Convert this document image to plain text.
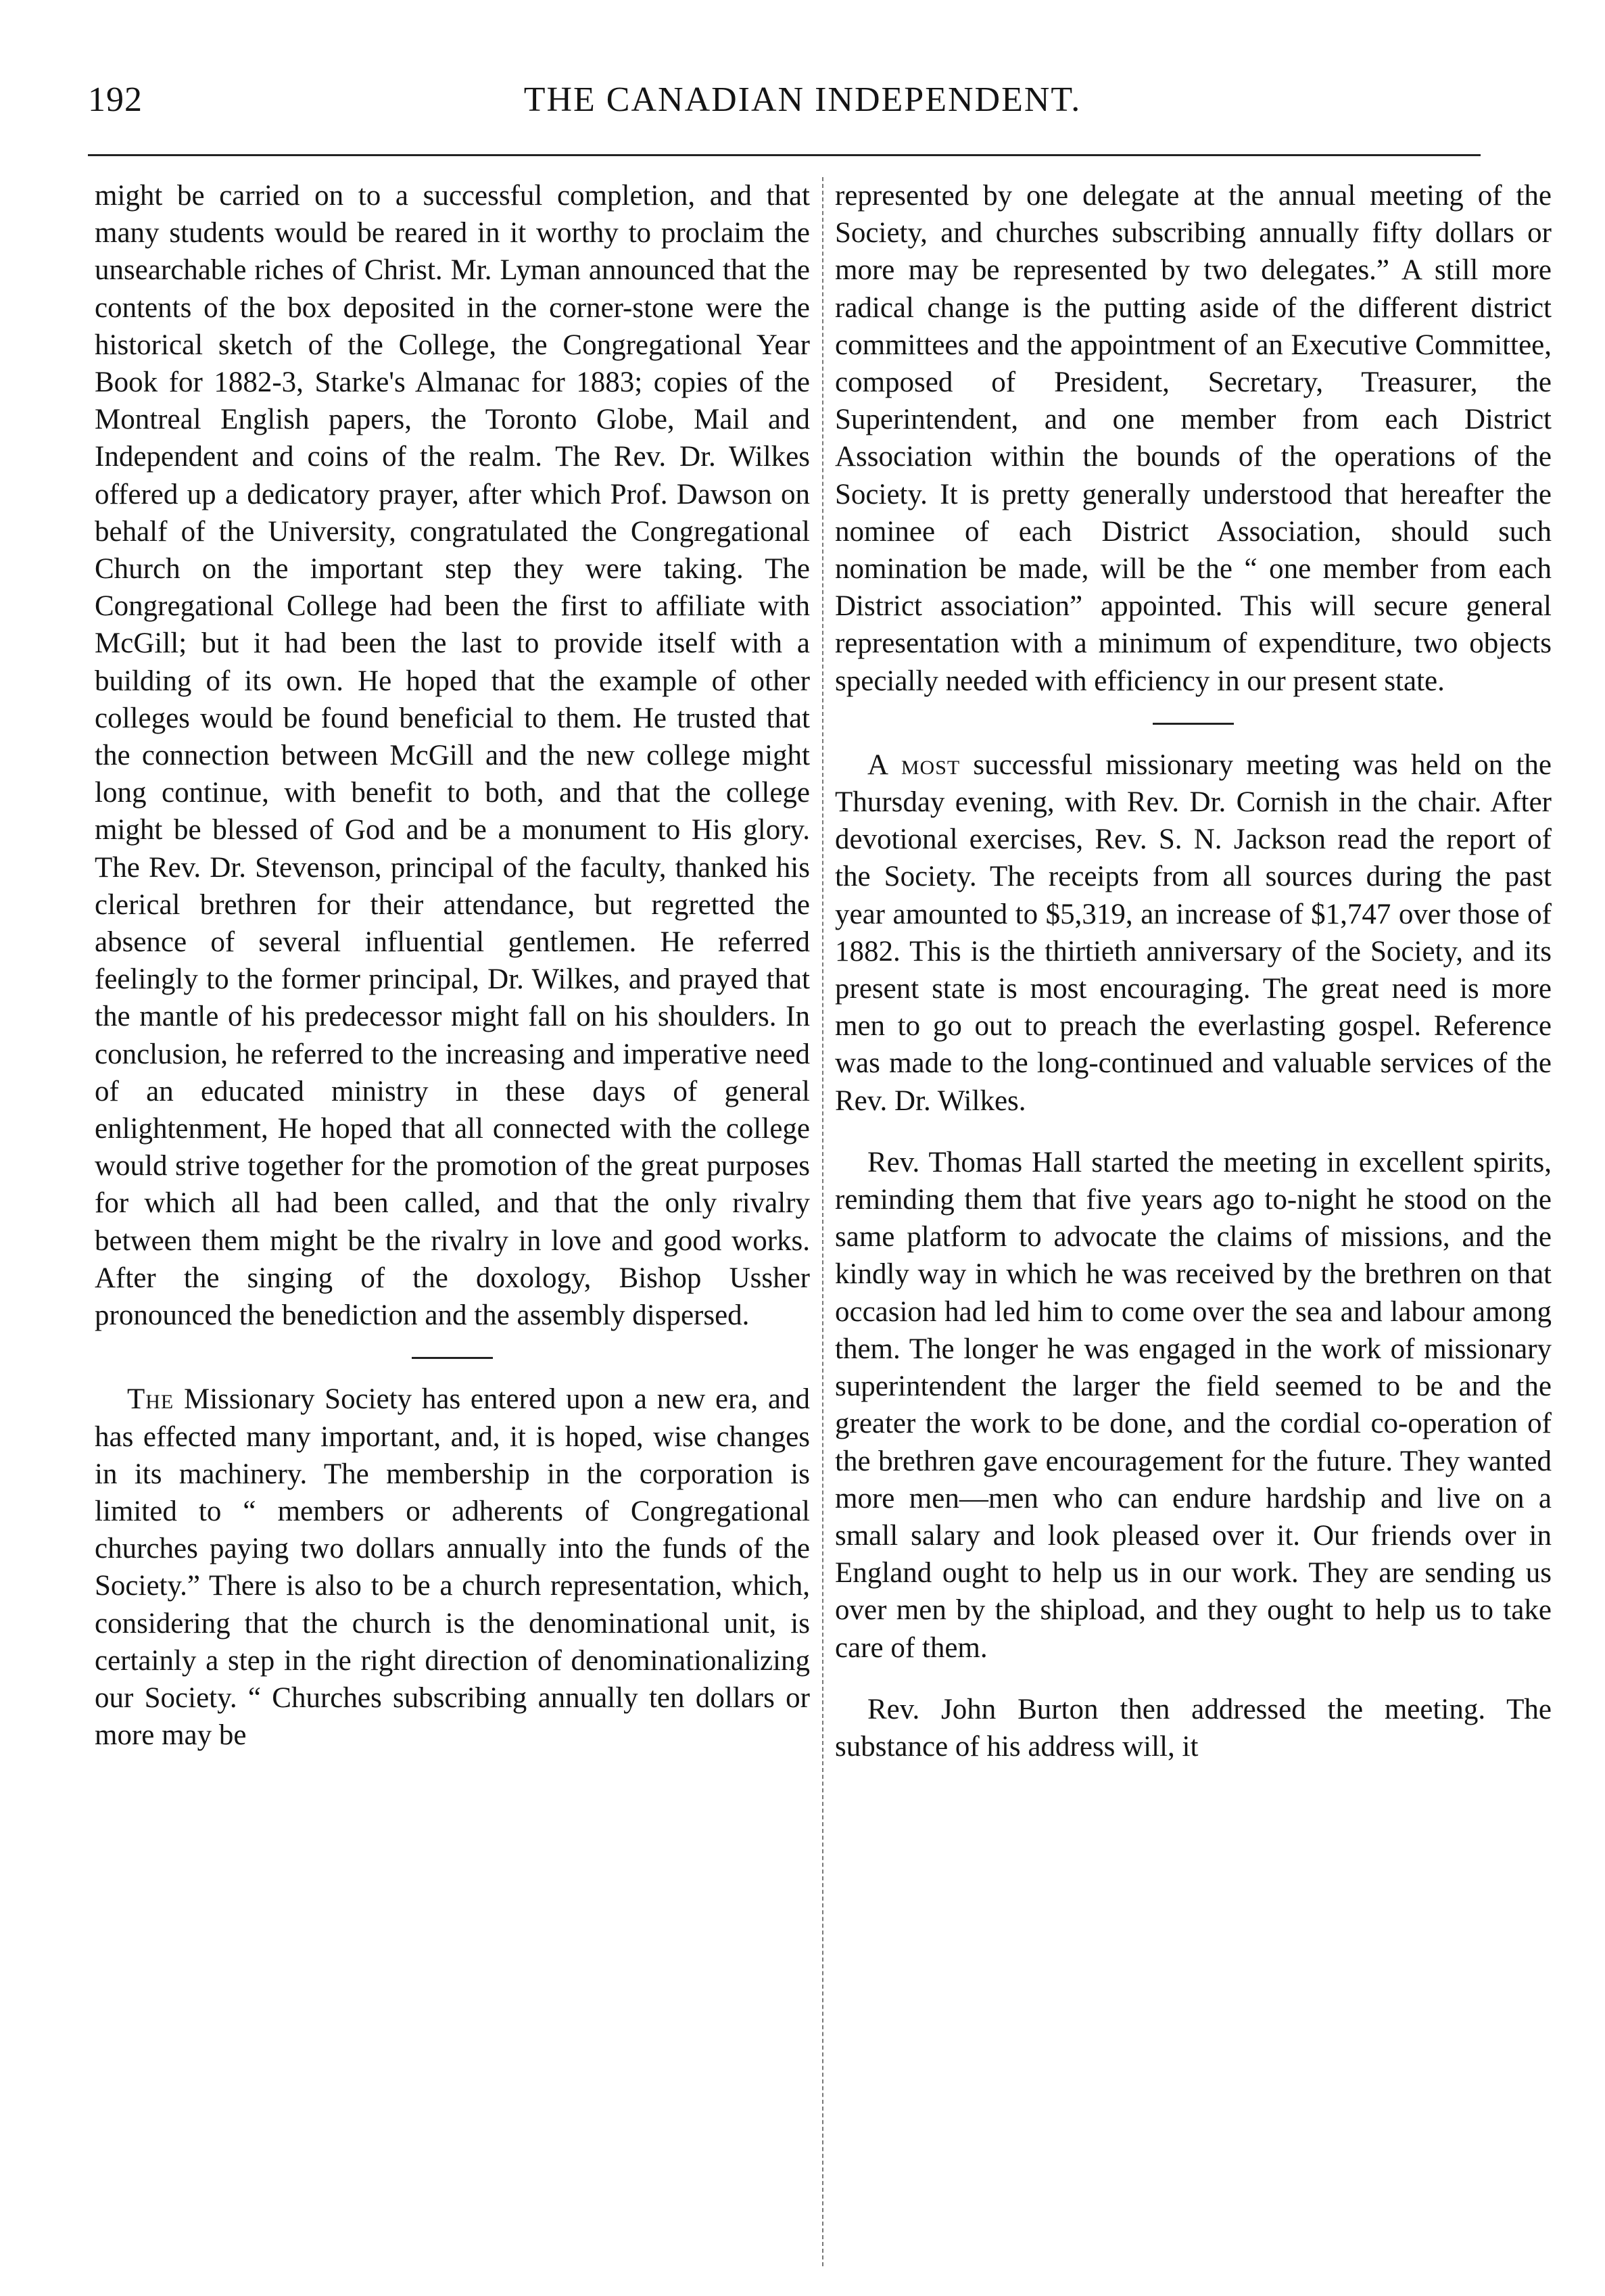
192	THE CANADIAN INDEPENDENT.

might be carried on to a successful completion, and that many students would be reared in it worthy to proclaim the unsearchable riches of Christ. Mr. Lyman announced that the contents of the box deposited in the corner-stone were the historical sketch of the College, the Congregational Year Book for 1882-3, Starke's Almanac for 1883; copies of the Montreal English papers, the Toronto Globe, Mail and Independent and coins of the realm. The Rev. Dr. Wilkes offered up a dedicatory prayer, after which Prof. Dawson on behalf of the University, congratulated the Congregational Church on the important step they were taking. The Congregational College had been the first to affiliate with McGill; but it had been the last to provide itself with a building of its own. He hoped that the example of other colleges would be found beneficial to them. He trusted that the connection between McGill and the new college might long continue, with benefit to both, and that the college might be blessed of God and be a monument to His glory. The Rev. Dr. Stevenson, principal of the faculty, thanked his clerical brethren for their attendance, but regretted the absence of several influential gentlemen. He referred feelingly to the former principal, Dr. Wilkes, and prayed that the mantle of his predecessor might fall on his shoulders. In conclusion, he referred to the increasing and imperative need of an educated ministry in these days of general enlightenment, He hoped that all connected with the college would strive together for the promotion of the great purposes for which all had been called, and that the only rivalry between them might be the rivalry in love and good works. After the singing of the doxology, Bishop Ussher pronounced the benediction and the assembly dispersed.

The Missionary Society has entered upon a new era, and has effected many important, and, it is hoped, wise changes in its machinery. The membership in the corporation is limited to “ members or adherents of Congregational churches paying two dollars annually into the funds of the Society.” There is also to be a church representation, which, considering that the church is the denominational unit, is certainly a step in the right direction of denominationalizing our Society. “ Churches subscribing annually ten dollars or more may be

represented by one delegate at the annual meeting of the Society, and churches subscribing annually fifty dollars or more may be represented by two delegates.” A still more radical change is the putting aside of the different district committees and the appointment of an Executive Committee, composed of President, Secretary, Treasurer, the Superintendent, and one member from each District Association within the bounds of the operations of the Society. It is pretty generally understood that hereafter the nominee of each District Association, should such nomination be made, will be the “ one member from each District association” appointed. This will secure general representation with a minimum of expenditure, two objects specially needed with efficiency in our present state.

A most successful missionary meeting was held on the Thursday evening, with Rev. Dr. Cornish in the chair. After devotional exercises, Rev. S. N. Jackson read the report of the Society. The receipts from all sources during the past year amounted to $5,319, an increase of $1,747 over those of 1882. This is the thirtieth anniversary of the Society, and its present state is most encouraging. The great need is more men to go out to preach the everlasting gospel. Reference was made to the long-continued and valuable services of the Rev. Dr. Wilkes.

Rev. Thomas Hall started the meeting in excellent spirits, reminding them that five years ago to-night he stood on the same platform to advocate the claims of missions, and the kindly way in which he was received by the brethren on that occasion had led him to come over the sea and labour among them. The longer he was engaged in the work of missionary superintendent the larger the field seemed to be and the greater the work to be done, and the cordial co-operation of the brethren gave encouragement for the future. They wanted more men—men who can endure hardship and live on a small salary and look pleased over it. Our friends over in England ought to help us in our work. They are sending us over men by the shipload, and they ought to help us to take care of them.

Rev. John Burton then addressed the meeting. The substance of his address will, it
